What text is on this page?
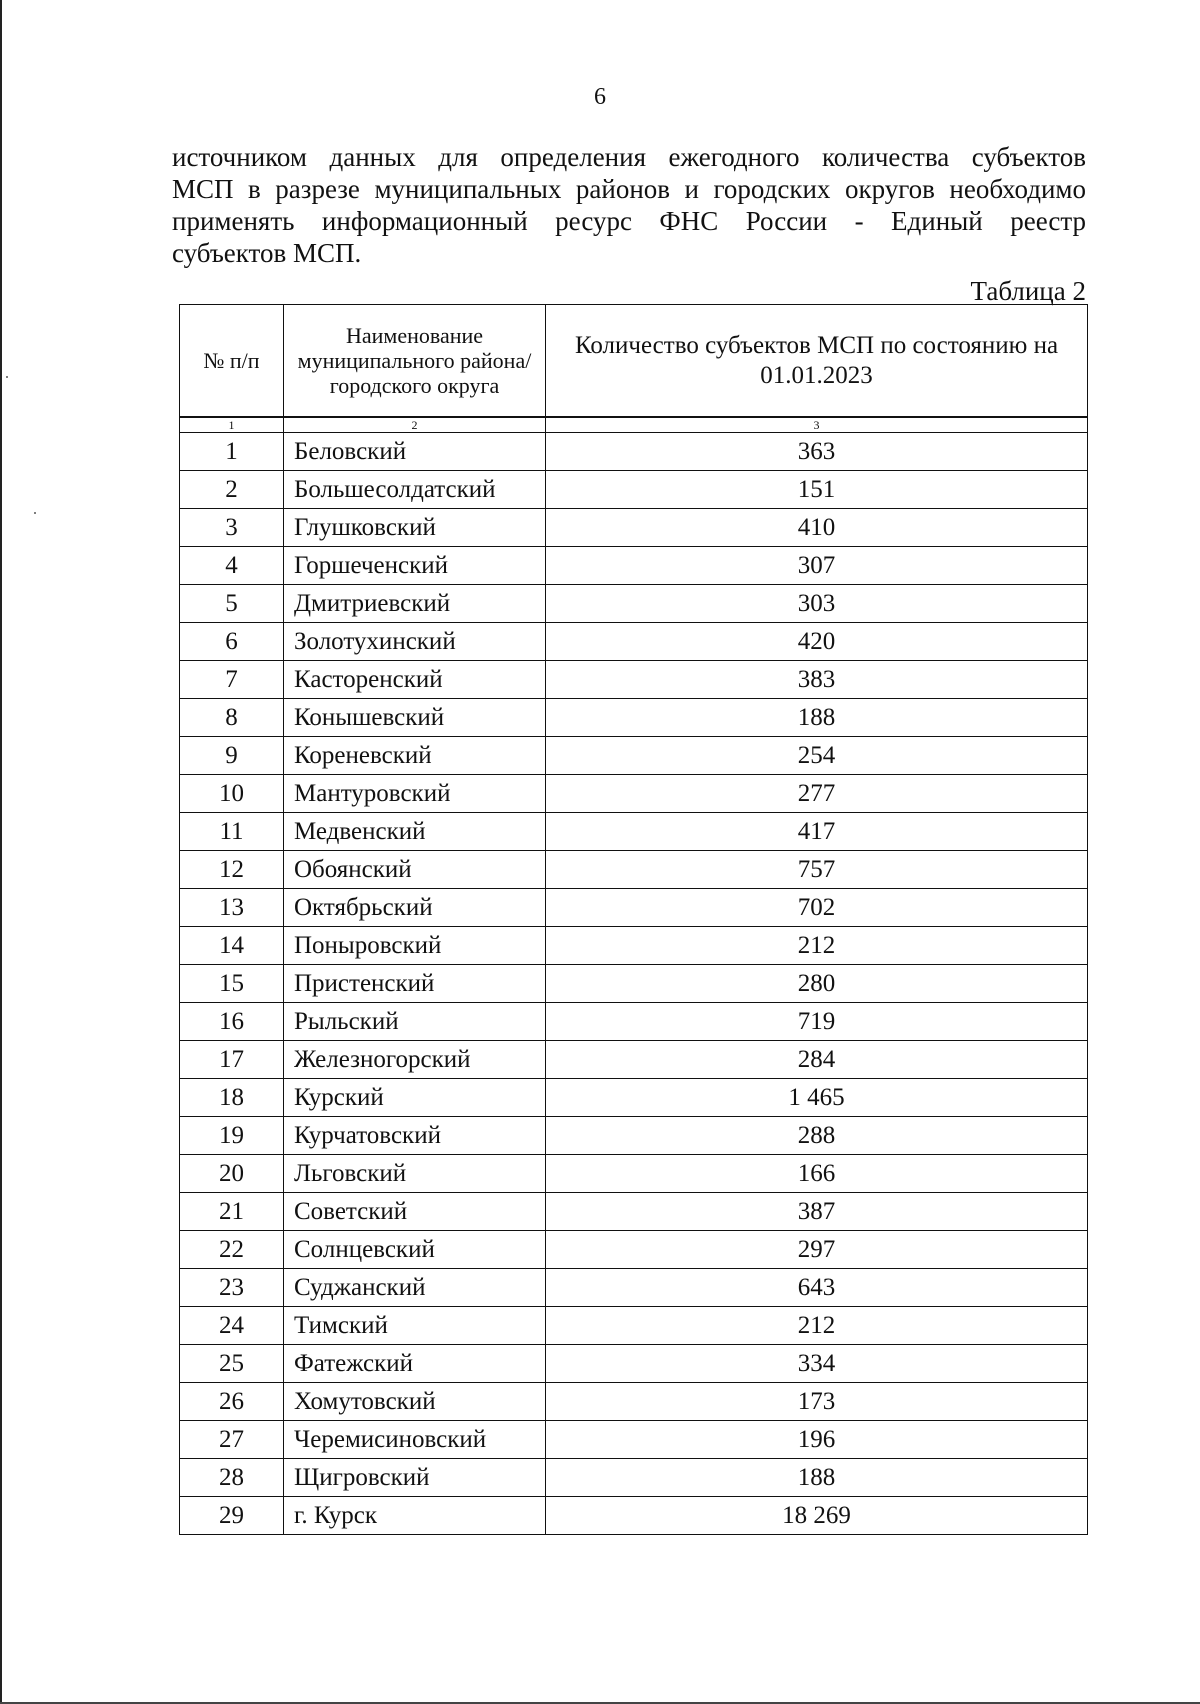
6

источником данных для определения ежегодного количества субъектов
МСП в разрезе муниципальных районов и городских округов необходимо
применять информационный ресурс ФНС России - Единый реестр
субъектов МСП.

Таблица 2
№ п/п	Наименование муниципального района/ городского округа	Количество субъектов МСП по состоянию на 01.01.2023
1	2	3
1	Беловский	363
2	Большесолдатский	151
3	Глушковский	410
4	Горшеченский	307
5	Дмитриевский	303
6	Золотухинский	420
7	Касторенский	383
8	Конышевский	188
9	Кореневский	254
10	Мантуровский	277
11	Медвенский	417
12	Обоянский	757
13	Октябрьский	702
14	Поныровский	212
15	Пристенский	280
16	Рыльский	719
17	Железногорский	284
18	Курский	1 465
19	Курчатовский	288
20	Льговский	166
21	Советский	387
22	Солнцевский	297
23	Суджанский	643
24	Тимский	212
25	Фатежский	334
26	Хомутовский	173
27	Черемисиновский	196
28	Щигровский	188
29	г. Курск	18 269
